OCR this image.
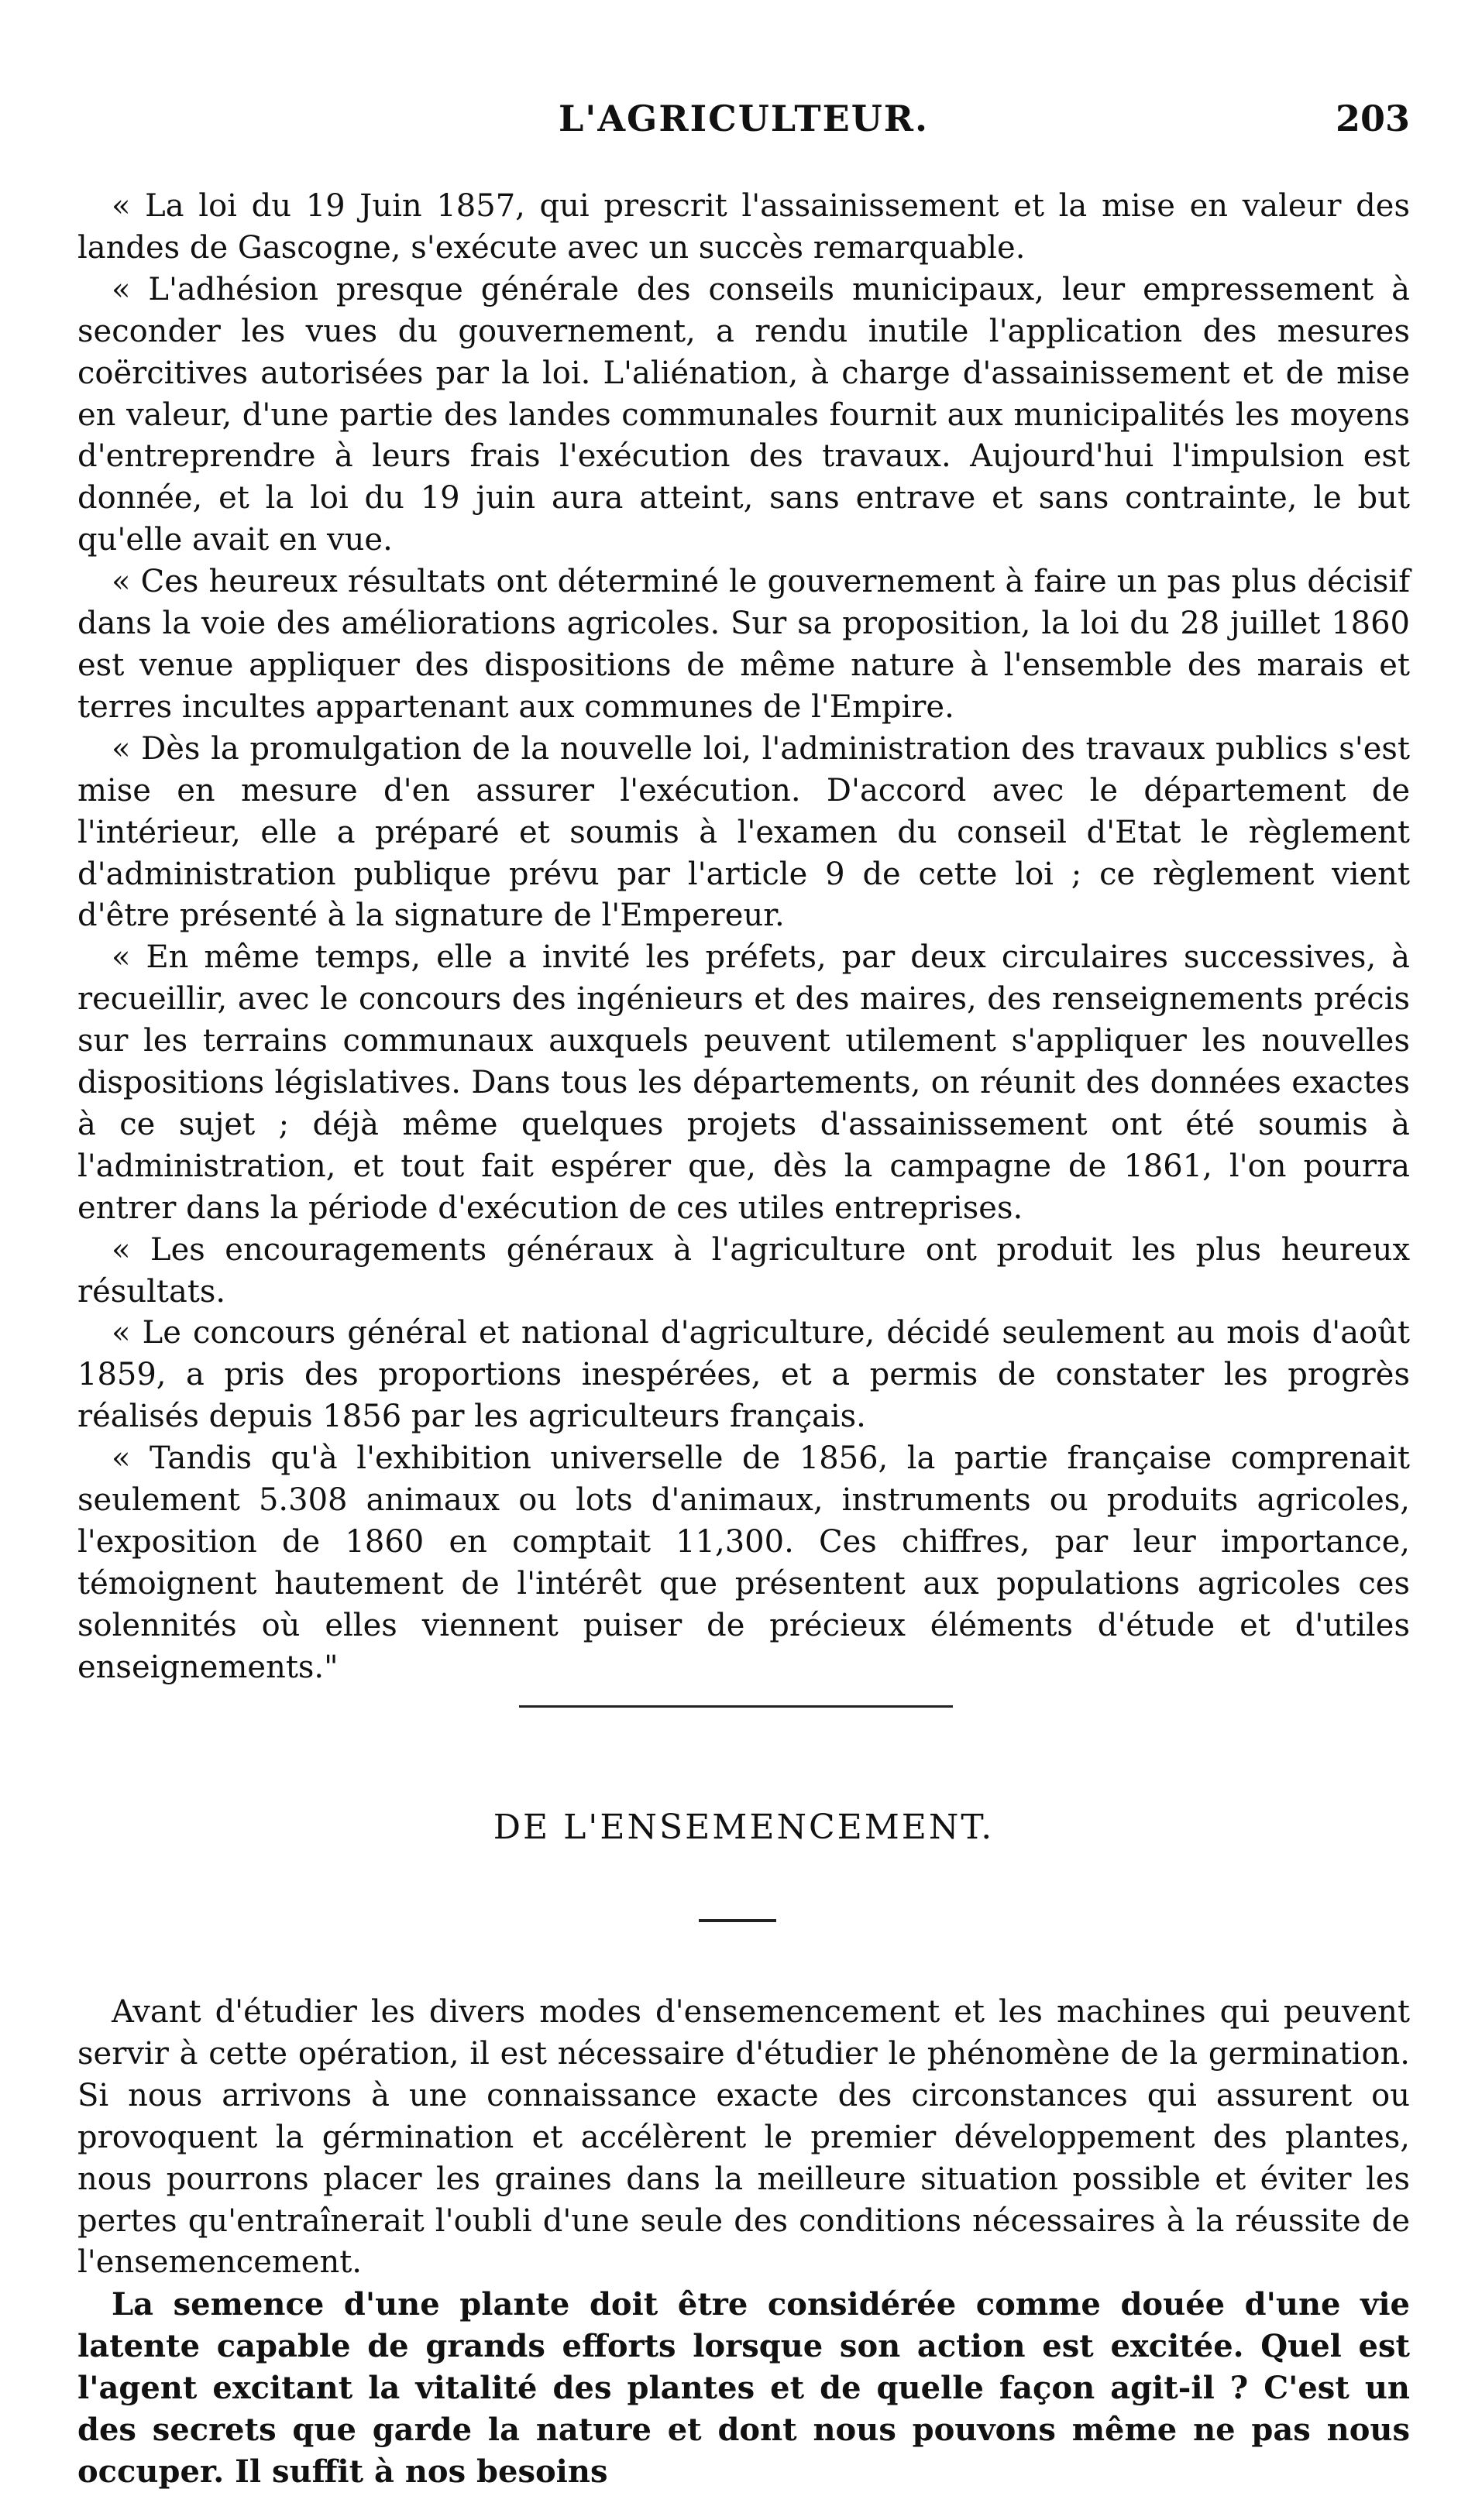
L'AGRICULTEUR.	203

« La loi du 19 Juin 1857, qui prescrit l'assainissement et la mise en valeur des landes de Gascogne, s'exécute avec un succès remarquable.

« L'adhésion presque générale des conseils municipaux, leur empressement à seconder les vues du gouvernement, a rendu inutile l'application des mesures coërcitives autorisées par la loi. L'aliénation, à charge d'assainissement et de mise en valeur, d'une partie des landes communales fournit aux municipalités les moyens d'entreprendre à leurs frais l'exécution des travaux. Aujourd'hui l'impulsion est donnée, et la loi du 19 juin aura atteint, sans entrave et sans contrainte, le but qu'elle avait en vue.

« Ces heureux résultats ont déterminé le gouvernement à faire un pas plus décisif dans la voie des améliorations agricoles. Sur sa proposition, la loi du 28 juillet 1860 est venue appliquer des dispositions de même nature à l'ensemble des marais et terres incultes appartenant aux communes de l'Empire.

« Dès la promulgation de la nouvelle loi, l'administration des travaux publics s'est mise en mesure d'en assurer l'exécution. D'accord avec le département de l'intérieur, elle a préparé et soumis à l'examen du conseil d'Etat le règlement d'administration publique prévu par l'article 9 de cette loi ; ce règlement vient d'être présenté à la signature de l'Empereur.

« En même temps, elle a invité les préfets, par deux circulaires successives, à recueillir, avec le concours des ingénieurs et des maires, des renseignements précis sur les terrains communaux auxquels peuvent utilement s'appliquer les nouvelles dispositions législatives. Dans tous les départements, on réunit des données exactes à ce sujet ; déjà même quelques projets d'assainissement ont été soumis à l'administration, et tout fait espérer que, dès la campagne de 1861, l'on pourra entrer dans la période d'exécution de ces utiles entreprises.

« Les encouragements généraux à l'agriculture ont produit les plus heureux résultats.

« Le concours général et national d'agriculture, décidé seulement au mois d'août 1859, a pris des proportions inespérées, et a permis de constater les progrès réalisés depuis 1856 par les agriculteurs français.

« Tandis qu'à l'exhibition universelle de 1856, la partie française comprenait seulement 5.308 animaux ou lots d'animaux, instruments ou produits agricoles, l'exposition de 1860 en comptait 11,300. Ces chiffres, par leur importance, témoignent hautement de l'intérêt que présentent aux populations agricoles ces solennités où elles viennent puiser de précieux éléments d'étude et d'utiles enseignements."

DE L'ENSEMENCEMENT.

Avant d'étudier les divers modes d'ensemencement et les machines qui peuvent servir à cette opération, il est nécessaire d'étudier le phénomène de la germination. Si nous arrivons à une connaissance exacte des circonstances qui assurent ou provoquent la gérmination et accélèrent le premier développement des plantes, nous pourrons placer les graines dans la meilleure situation possible et éviter les pertes qu'entraînerait l'oubli d'une seule des conditions nécessaires à la réussite de l'ensemencement.

La semence d'une plante doit être considérée comme douée d'une vie latente capable de grands efforts lorsque son action est excitée. Quel est l'agent excitant la vitalité des plantes et de quelle façon agit-il ? C'est un des secrets que garde la nature et dont nous pouvons même ne pas nous occuper. Il suffit à nos besoins
